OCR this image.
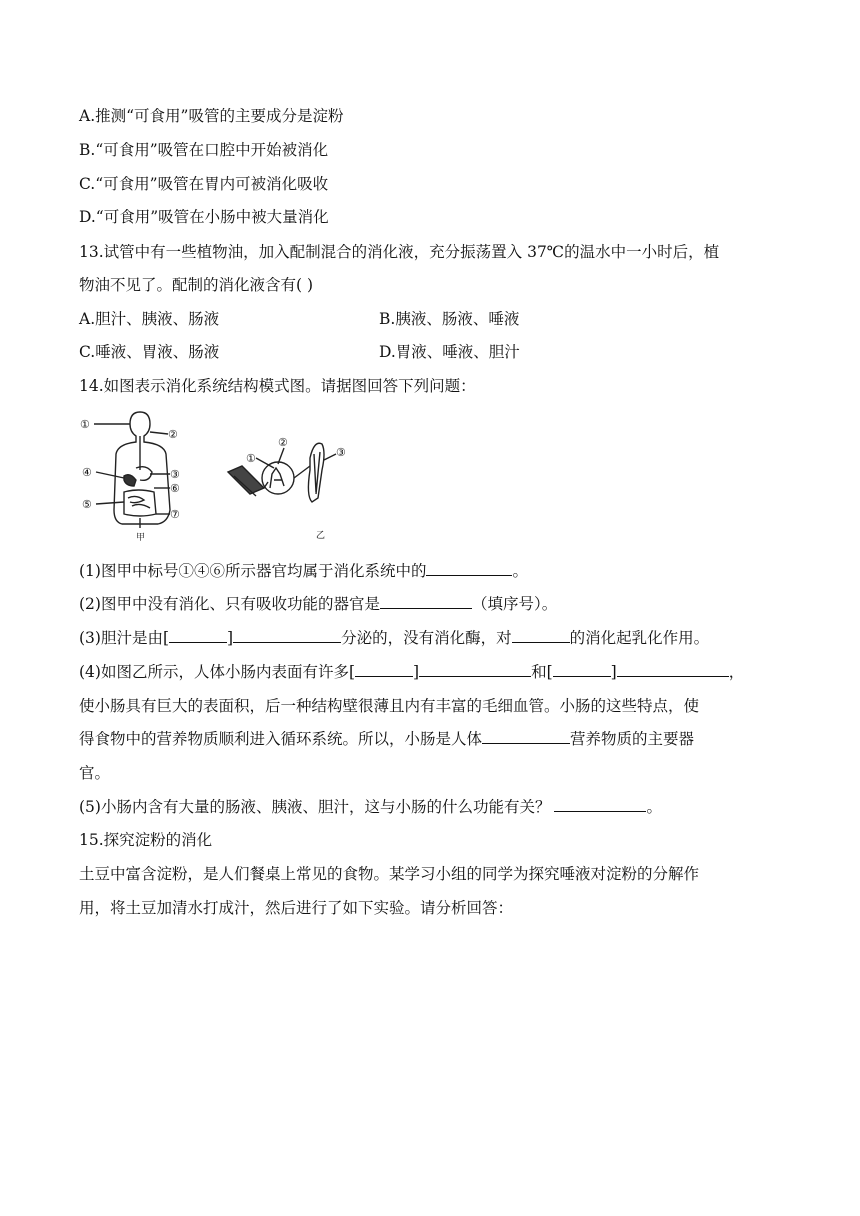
A.推测“可食用”吸管的主要成分是淀粉
B.“可食用”吸管在口腔中开始被消化
C.“可食用”吸管在胃内可被消化吸收
D.“可食用”吸管在小肠中被大量消化
13.试管中有一些植物油，加入配制混合的消化液，充分振荡置入 37℃的温水中一小时后，植
物油不见了。配制的消化液含有( )
A.胆汁、胰液、肠液	B.胰液、肠液、唾液
C.唾液、胃液、肠液	D.胃液、唾液、胆汁
14.如图表示消化系统结构模式图。请据图回答下列问题：
①
②
③
④
⑤
⑥
⑦
甲
①
②
③
乙
(1)图甲中标号①④⑥所示器官均属于消化系统中的	。
(2)图甲中没有消化、只有吸收功能的器官是	（填序号）。
(3)胆汁是由[	]	分泌的，没有消化酶，对	的消化起乳化作用。
(4)如图乙所示，人体小肠内表面有许多[	]	和[	]	，
使小肠具有巨大的表面积，后一种结构壁很薄且内有丰富的毛细血管。小肠的这些特点，使
得食物中的营养物质顺利进入循环系统。所以，小肠是人体	营养物质的主要器
官。
(5)小肠内含有大量的肠液、胰液、胆汁，这与小肠的什么功能有关？	。
15.探究淀粉的消化
土豆中富含淀粉，是人们餐桌上常见的食物。某学习小组的同学为探究唾液对淀粉的分解作
用，将土豆加清水打成汁，然后进行了如下实验。请分析回答：
